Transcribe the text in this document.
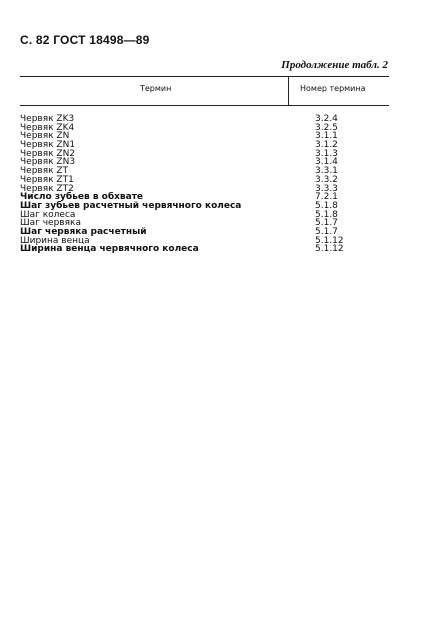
С. 82 ГОСТ 18498—89
Продолжение табл. 2
Термин	Номер термина
Червяк ZK3	3.2.4
Червяк ZK4	3.2.5
Червяк ZN	3.1.1
Червяк ZN1	3.1.2
Червяк ZN2	3.1.3
Червяк ZN3	3.1.4
Червяк ZT	3.3.1
Червяк ZT1	3.3.2
Червяк ZT2	3.3.3
Число зубьев в обхвате	7.2.1
Шаг зубьев расчетный червячного колеса	5.1.8
Шаг колеса	5.1.8
Шаг червяка	5.1.7
Шаг червяка расчетный	5.1.7
Ширина венца	5.1.12
Ширина венца червячного колеса	5.1.12
